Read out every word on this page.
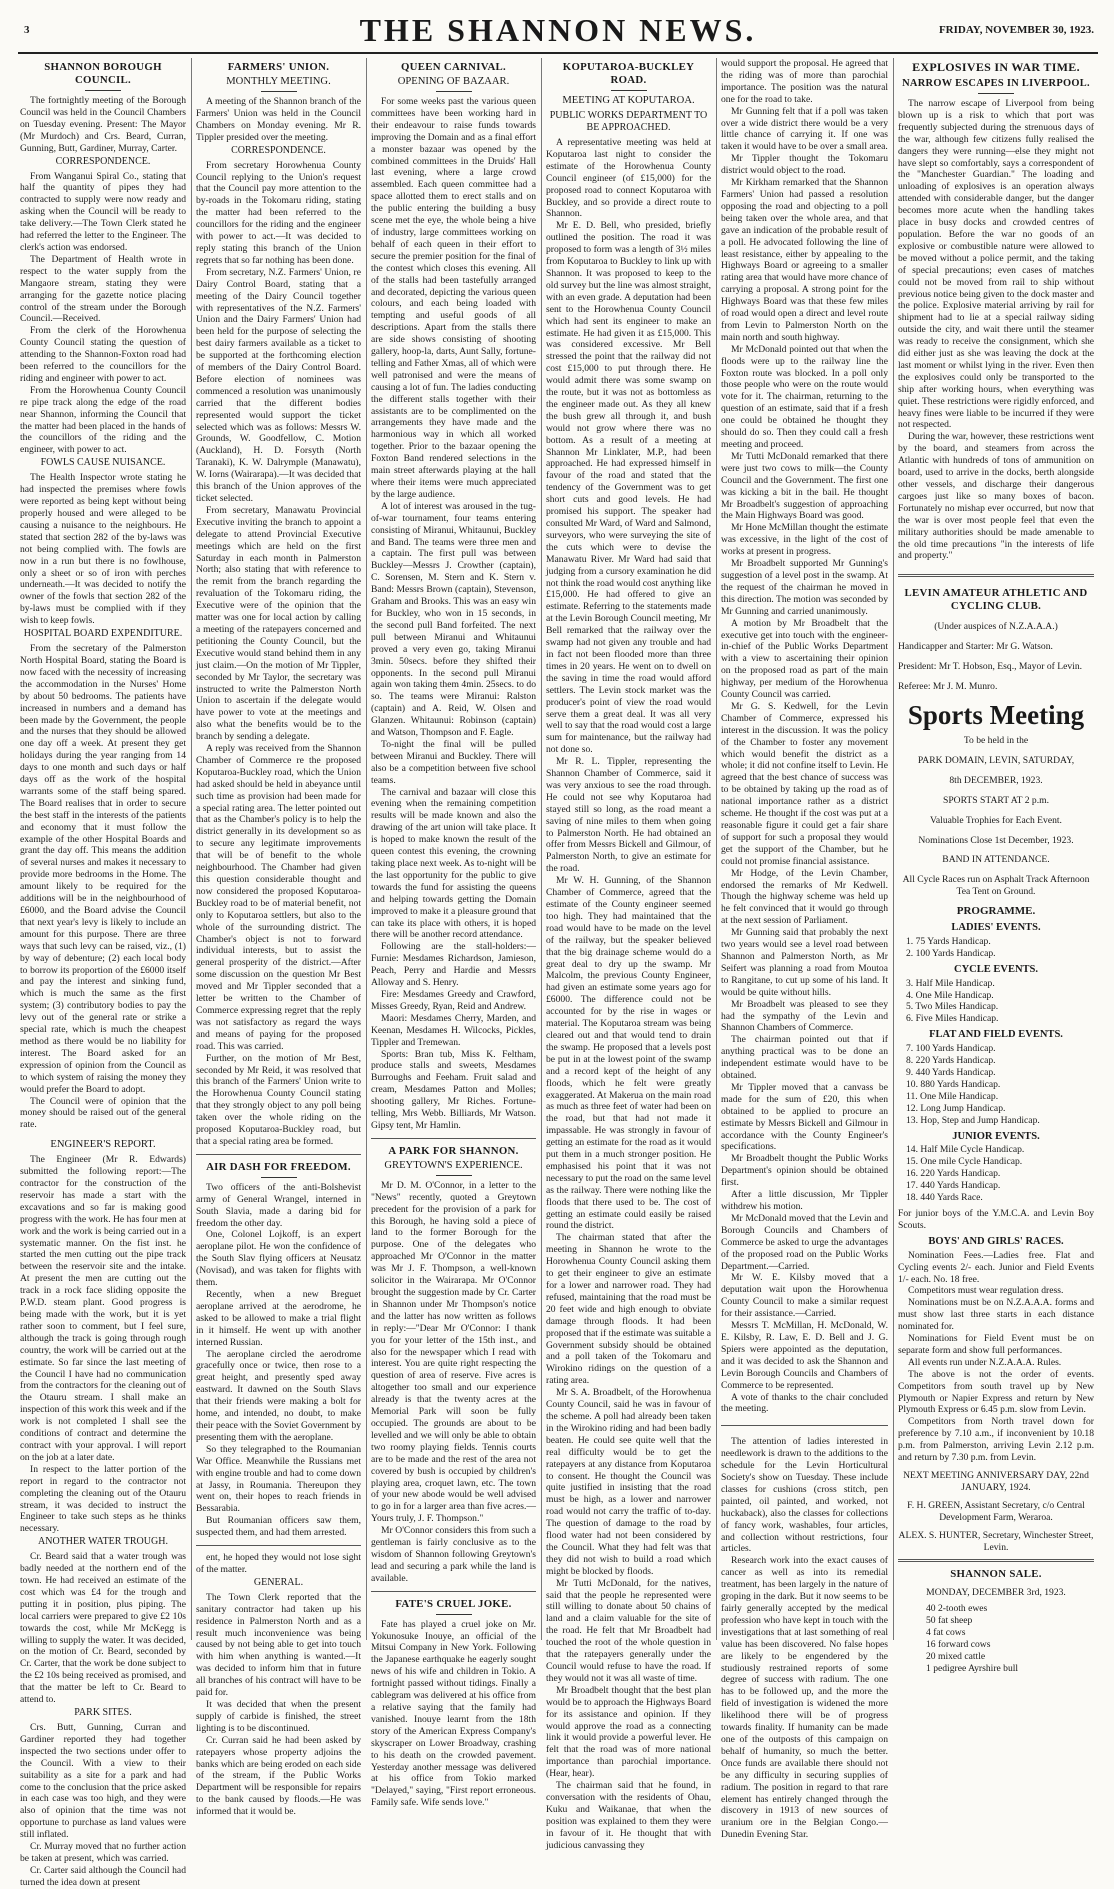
3	THE SHANNON NEWS.	FRIDAY, NOVEMBER 30, 1923.
SHANNON BOROUGH COUNCIL.

The fortnightly meeting of the Borough Council was held in the Council Chambers on Tuesday evening. Present: The Mayor (Mr Murdoch) and Crs. Beard, Curran, Gunning, Butt, Gardiner, Murray, Carter.

CORRESPONDENCE.

From Wanganui Spiral Co., stating that half the quantity of pipes they had contracted to supply were now ready and asking when the Council will be ready to take delivery.—The Town Clerk stated he had referred the letter to the Engineer. The clerk's action was endorsed.

The Department of Health wrote in respect to the water supply from the Mangaore stream, stating they were arranging for the gazette notice placing control of the stream under the Borough Council.—Received.

From the clerk of the Horowhenua County Council stating the question of attending to the Shannon-Foxton road had been referred to the councillors for the riding and engineer with power to act.

From the Horowhenua County Council re pipe track along the edge of the road near Shannon, informing the Council that the matter had been placed in the hands of the councillors of the riding and the engineer, with power to act.

FOWLS CAUSE NUISANCE.

The Health Inspector wrote stating he had inspected the premises where fowls were reported as being kept without being properly housed and were alleged to be causing a nuisance to the neighbours. He stated that section 282 of the by-laws was not being complied with. The fowls are now in a run but there is no fowlhouse, only a sheet or so of iron with perches underneath.—It was decided to notify the owner of the fowls that section 282 of the by-laws must be complied with if they wish to keep fowls.

HOSPITAL BOARD EXPENDITURE.

From the secretary of the Palmerston North Hospital Board, stating the Board is now faced with the necessity of increasing the accommodation in the Nurses' Home by about 50 bedrooms. The patients have increased in numbers and a demand has been made by the Government, the people and the nurses that they should be allowed one day off a week. At present they get holidays during the year ranging from 14 days to one month and such days or half days off as the work of the hospital warrants some of the staff being spared. The Board realises that in order to secure the best staff in the interests of the patients and economy that it must follow the example of the other Hospital Boards and grant the day off. This means the addition of several nurses and makes it necessary to provide more bedrooms in the Home. The amount likely to be required for the additions will be in the neighbourhood of £6000, and the Board advise the Council that next year's levy is likely to include an amount for this purpose. There are three ways that such levy can be raised, viz., (1) by way of debenture; (2) each local body to borrow its proportion of the £6000 itself and pay the interest and sinking fund, which is much the same as the first system; (3) contributory bodies to pay the levy out of the general rate or strike a special rate, which is much the cheapest method as there would be no liability for interest. The Board asked for an expression of opinion from the Council as to which system of raising the money they would prefer the Board to adopt.

The Council were of opinion that the money should be raised out of the general rate.

ENGINEER'S REPORT.

The Engineer (Mr R. Edwards) submitted the following report:—The contractor for the construction of the reservoir has made a start with the excavations and so far is making good progress with the work. He has four men at work and the work is being carried out in a systematic manner. On the fist inst. he started the men cutting out the pipe track between the reservoir site and the intake. At present the men are cutting out the track in a rock face sliding opposite the P.W.D. steam plant. Good progress is being made with the work, but it is yet rather soon to comment, but I feel sure, although the track is going through rough country, the work will be carried out at the estimate. So far since the last meeting of the Council I have had no communication from the contractors for the cleaning out of the Otauru stream. I shall make an inspection of this work this week and if the work is not completed I shall see the conditions of contract and determine the contract with your approval. I will report on the job at a later date.

In respect to the latter portion of the report in regard to the contractor not completing the cleaning out of the Otauru stream, it was decided to instruct the Engineer to take such steps as he thinks necessary.

ANOTHER WATER TROUGH.

Cr. Beard said that a water trough was badly needed at the northern end of the town. He had received an estimate of the cost which was £4 for the trough and putting it in position, plus piping. The local carriers were prepared to give £2 10s towards the cost, while Mr McKegg is willing to supply the water. It was decided, on the motion of Cr. Beard, seconded by Cr. Carter, that the work be done subject to the £2 10s being received as promised, and that the matter be left to Cr. Beard to attend to.

PARK SITES.

Crs. Butt, Gunning, Curran and Gardiner reported they had together inspected the two sections under offer to the Council. With a view to their suitability as a site for a park and had come to the conclusion that the price asked in each case was too high, and they were also of opinion that the time was not opportune to purchase as land values were still inflated.

Cr. Murray moved that no further action be taken at present, which was carried.

Cr. Carter said although the Council had turned the idea down at present

FARMERS' UNION.
MONTHLY MEETING.

A meeting of the Shannon branch of the Farmers' Union was held in the Council Chambers on Monday evening. Mr R. Tippler presided over the meeting.

CORRESPONDENCE.

From secretary Horowhenua County Council replying to the Union's request that the Council pay more attention to the by-roads in the Tokomaru riding, stating the matter had been referred to the councillors for the riding and the engineer with power to act.—It was decided to reply stating this branch of the Union regrets that so far nothing has been done.

From secretary, N.Z. Farmers' Union, re Dairy Control Board, stating that a meeting of the Dairy Council together with representatives of the N.Z. Farmers' Union and the Dairy Farmers' Union had been held for the purpose of selecting the best dairy farmers available as a ticket to be supported at the forthcoming election of members of the Dairy Control Board. Before election of nominees was commenced a resolution was unanimously carried that the different bodies represented would support the ticket selected which was as follows: Messrs W. Grounds, W. Goodfellow, C. Motion (Auckland), H. D. Forsyth (North Taranaki), K. W. Dalrymple (Manawatu), W. Iorns (Wairarapa).—It was decided that this branch of the Union approves of the ticket selected.

From secretary, Manawatu Provincial Executive inviting the branch to appoint a delegate to attend Provincial Executive meetings which are held on the first Saturday in each month in Palmerston North; also stating that with reference to the remit from the branch regarding the revaluation of the Tokomaru riding, the Executive were of the opinion that the matter was one for local action by calling a meeting of the ratepayers concerned and petitioning the County Council, but the Executive would stand behind them in any just claim.—On the motion of Mr Tippler, seconded by Mr Taylor, the secretary was instructed to write the Palmerston North Union to ascertain if the delegate would have power to vote at the meetings and also what the benefits would be to the branch by sending a delegate.

A reply was received from the Shannon Chamber of Commerce re the proposed Koputaroa-Buckley road, which the Union had asked should be held in abeyance until such time as provision had been made for a special rating area. The letter pointed out that as the Chamber's policy is to help the district generally in its development so as to secure any legitimate improvements that will be of benefit to the whole neighbourhood. The Chamber had given this question considerable thought and now considered the proposed Koputaroa-Buckley road to be of material benefit, not only to Koputaroa settlers, but also to the whole of the surrounding district. The Chamber's object is not to forward individual interests, but to assist the general prosperity of the district.—After some discussion on the question Mr Best moved and Mr Tippler seconded that a letter be written to the Chamber of Commerce expressing regret that the reply was not satisfactory as regard the ways and means of paying for the proposed road. This was carried.

Further, on the motion of Mr Best, seconded by Mr Reid, it was resolved that this branch of the Farmers' Union write to the Horowhenua County Council stating that they strongly object to any poll being taken over the whole riding on the proposed Koputaroa-Buckley road, but that a special rating area be formed.

AIR DASH FOR FREEDOM.

Two officers of the anti-Bolshevist army of General Wrangel, interned in South Slavia, made a daring bid for freedom the other day.

One, Colonel Lojkoff, is an expert aeroplane pilot. He won the confidence of the South Slav flying officers at Neusatz (Novisad), and was taken for flights with them.

Recently, when a new Breguet aeroplane arrived at the aerodrome, he asked to be allowed to make a trial flight in it himself. He went up with another interned Russian.

The aeroplane circled the aerodrome gracefully once or twice, then rose to a great height, and presently sped away eastward. It dawned on the South Slavs that their friends were making a bolt for home, and intended, no doubt, to make their peace with the Soviet Government by presenting them with the aeroplane.

So they telegraphed to the Roumanian War Office. Meanwhile the Russians met with engine trouble and had to come down at Jassy, in Roumania. Thereupon they went on, their hopes to reach friends in Bessarabia.

But Roumanian officers saw them, suspected them, and had them arrested.

ent, he hoped they would not lose sight of the matter.

GENERAL.

The Town Clerk reported that the sanitary contractor had taken up his residence in Palmerston North and as a result much inconvenience was being caused by not being able to get into touch with him when anything is wanted.—It was decided to inform him that in future all branches of his contract will have to be paid for.

It was decided that when the present supply of carbide is finished, the street lighting is to be discontinued.

Cr. Curran said he had been asked by ratepayers whose property adjoins the banks which are being eroded on each side of the stream, if the Public Works Department will be responsible for repairs to the bank caused by floods.—He was informed that it would be.

QUEEN CARNIVAL.
OPENING OF BAZAAR.

For some weeks past the various queen committees have been working hard in their endeavour to raise funds towards improving the Domain and as a final effort a monster bazaar was opened by the combined committees in the Druids' Hall last evening, where a large crowd assembled. Each queen committee had a space allotted them to erect stalls and on the public entering the building a busy scene met the eye, the whole being a hive of industry, large committees working on behalf of each queen in their effort to secure the premier position for the final of the contest which closes this evening. All of the stalls had been tastefully arranged and decorated, depicting the various queen colours, and each being loaded with tempting and useful goods of all descriptions. Apart from the stalls there are side shows consisting of shooting gallery, hoop-la, darts, Aunt Sally, fortune-telling and Father Xmas, all of which were well patronised and were the means of causing a lot of fun. The ladies conducting the different stalls together with their assistants are to be complimented on the arrangements they have made and the harmonious way in which all worked together. Prior to the bazaar opening the Foxton Band rendered selections in the main street afterwards playing at the hall where their items were much appreciated by the large audience.

A lot of interest was aroused in the tug-of-war tournament, four teams entering consisting of Miranui, Whitaunui, Buckley and Band. The teams were three men and a captain. The first pull was between Buckley—Messrs J. Crowther (captain), C. Sorensen, M. Stern and K. Stern v. Band: Messrs Brown (captain), Stevenson, Graham and Brooks. This was an easy win for Buckley, who won in 15 seconds, in the second pull Band forfeited. The next pull between Miranui and Whitaunui proved a very even go, taking Miranui 3min. 50secs. before they shifted their opponents. In the second pull Miranui again won taking them 4min. 25secs. to do so. The teams were Miranui: Ralston (captain) and A. Reid, W. Olsen and Glanzen. Whitaunui: Robinson (captain) and Watson, Thompson and F. Eagle.

To-night the final will be pulled between Miranui and Buckley. There will also be a competition between five school teams.

The carnival and bazaar will close this evening when the remaining competition results will be made known and also the drawing of the art union will take place. It is hoped to make known the result of the queen contest this evening, the crowning taking place next week. As to-night will be the last opportunity for the public to give towards the fund for assisting the queens and helping towards getting the Domain improved to make it a pleasure ground that can take its place with others, it is hoped there will be another record attendance.

Following are the stall-holders:—Furnie: Mesdames Richardson, Jamieson, Peach, Perry and Hardie and Messrs Alloway and S. Henry.

Fire: Mesdames Greedy and Crawford, Misses Greedy, Ryan, Reid and Andrew.

Maori: Mesdames Cherry, Marden, and Keenan, Mesdames H. Wilcocks, Pickles, Tippler and Tremewan.

Sports: Bran tub, Miss K. Feltham, produce stalls and sweets, Mesdames Burroughs and Feeham. Fruit salad and cream, Mesdames Patton and Molles; shooting gallery, Mr Riches. Fortune-telling, Mrs Webb. Billiards, Mr Watson. Gipsy tent, Mr Hamlin.

A PARK FOR SHANNON.
GREYTOWN'S EXPERIENCE.

Mr D. M. O'Connor, in a letter to the "News" recently, quoted a Greytown precedent for the provision of a park for this Borough, he having sold a piece of land to the former Borough for the purpose. One of the delegates who approached Mr O'Connor in the matter was Mr J. F. Thompson, a well-known solicitor in the Wairarapa. Mr O'Connor brought the suggestion made by Cr. Carter in Shannon under Mr Thompson's notice and the latter has now written as follows in reply:—"Dear Mr O'Connor: I thank you for your letter of the 15th inst., and also for the newspaper which I read with interest. You are quite right respecting the question of area of reserve. Five acres is altogether too small and our experience already is that the twenty acres at the Memorial Park will soon be fully occupied. The grounds are about to be levelled and we will only be able to obtain two roomy playing fields. Tennis courts are to be made and the rest of the area not covered by bush is occupied by children's playing area, croquet lawn, etc. The town of your new abode would be well advised to go in for a larger area than five acres.—Yours truly, J. F. Thompson."

Mr O'Connor considers this from such a gentleman is fairly conclusive as to the wisdom of Shannon following Greytown's lead and securing a park while the land is available.

FATE'S CRUEL JOKE.

Fate has played a cruel joke on Mr. Yokunosuke Inouye, an official of the Mitsui Company in New York. Following the Japanese earthquake he eagerly sought news of his wife and children in Tokio. A fortnight passed without tidings. Finally a cablegram was delivered at his office from a relative saying that the family had vanished. Inouye learnt from the 18th story of the American Express Company's skyscraper on Lower Broadway, crashing to his death on the crowded pavement. Yesterday another message was delivered at his office from Tokio marked "Delayed," saying, "First report erroneous. Family safe. Wife sends love."

KOPUTAROA-BUCKLEY ROAD.
MEETING AT KOPUTAROA.
PUBLIC WORKS DEPARTMENT TO BE APPROACHED.

A representative meeting was held at Koputaroa last night to consider the estimate of the Horowhenua County Council engineer (of £15,000) for the proposed road to connect Koputaroa with Buckley, and so provide a direct route to Shannon.

Mr E. D. Bell, who presided, briefly outlined the position. The road it was proposed to form was a length of 3½ miles from Koputaroa to Buckley to link up with Shannon. It was proposed to keep to the old survey but the line was almost straight, with an even grade. A deputation had been sent to the Horowhenua County Council which had sent its engineer to make an estimate. He had given it as £15,000. This was considered excessive. Mr Bell stressed the point that the railway did not cost £15,000 to put through there. He would admit there was some swamp on the route, but it was not as bottomless as the engineer made out. As they all knew the bush grew all through it, and bush would not grow where there was no bottom. As a result of a meeting at Shannon Mr Linklater, M.P., had been approached. He had expressed himself in favour of the road and stated that the tendency of the Government was to get short cuts and good levels. He had promised his support. The speaker had consulted Mr Ward, of Ward and Salmond, surveyors, who were surveying the site of the cuts which were to devise the Manawatu River. Mr Ward had said that judging from a cursory examination he did not think the road would cost anything like £15,000. He had offered to give an estimate. Referring to the statements made at the Levin Borough Council meeting, Mr Bell remarked that the railway over the swamp had not given any trouble and had in fact not been flooded more than three times in 20 years. He went on to dwell on the saving in time the road would afford settlers. The Levin stock market was the producer's point of view the road would serve them a great deal. It was all very well to say that the road would cost a large sum for maintenance, but the railway had not done so.

Mr R. L. Tippler, representing the Shannon Chamber of Commerce, said it was very anxious to see the road through. He could not see why Koputaroa had stayed still so long, as the road meant a saving of nine miles to them when going to Palmerston North. He had obtained an offer from Messrs Bickell and Gilmour, of Palmerston North, to give an estimate for the road.

Mr W. H. Gunning, of the Shannon Chamber of Commerce, agreed that the estimate of the County engineer seemed too high. They had maintained that the road would have to be made on the level of the railway, but the speaker believed that the big drainage scheme would do a great deal to dry up the swamp. Mr Malcolm, the previous County Engineer, had given an estimate some years ago for £6000. The difference could not be accounted for by the rise in wages or material. The Koputaroa stream was being cleared out and that would tend to drain the swamp. He proposed that a levels post be put in at the lowest point of the swamp and a record kept of the height of any floods, which he felt were greatly exaggerated. At Makerua on the main road as much as three feet of water had been on the road, but that had not made it impassable. He was strongly in favour of getting an estimate for the road as it would put them in a much stronger position. He emphasised his point that it was not necessary to put the road on the same level as the railway. There were nothing like the floods that there used to be. The cost of getting an estimate could easily be raised round the district.

The chairman stated that after the meeting in Shannon he wrote to the Horowhenua County Council asking them to get their engineer to give an estimate for a lower and narrower road. They had refused, maintaining that the road must be 20 feet wide and high enough to obviate damage through floods. It had been proposed that if the estimate was suitable a Government subsidy should be obtained and a poll taken of the Tokomaru and Wirokino ridings on the question of a rating area.

Mr S. A. Broadbelt, of the Horowhenua County Council, said he was in favour of the scheme. A poll had already been taken in the Wirokino riding and had been badly beaten. He could see quite well that the real difficulty would be to get the ratepayers at any distance from Koputaroa to consent. He thought the Council was quite justified in insisting that the road must be high, as a lower and narrower road would not carry the traffic of to-day. The question of damage to the road by flood water had not been considered by the Council. What they had felt was that they did not wish to build a road which might be blocked by floods.

Mr Tutti McDonald, for the natives, said that the people he represented were still willing to donate about 50 chains of land and a claim valuable for the site of the road. He felt that Mr Broadbelt had touched the root of the whole question in that the ratepayers generally under the Council would refuse to have the road. If they would not it was all waste of time.

Mr Broadbelt thought that the best plan would be to approach the Highways Board for its assistance and opinion. If they would approve the road as a connecting link it would provide a powerful lever. He felt that the road was of more national importance than parochial importance. (Hear, hear).

The chairman said that he found, in conversation with the residents of Ohau, Kuku and Waikanae, that when the position was explained to them they were in favour of it. He thought that with judicious canvassing they

would support the proposal. He agreed that the riding was of more than parochial importance. The position was the natural one for the road to take.

Mr Gunning felt that if a poll was taken over a wide district there would be a very little chance of carrying it. If one was taken it would have to be over a small area.

Mr Tippler thought the Tokomaru district would object to the road.

Mr Kirkham remarked that the Shannon Farmers' Union had passed a resolution opposing the road and objecting to a poll being taken over the whole area, and that gave an indication of the probable result of a poll. He advocated following the line of least resistance, either by appealing to the Highways Board or agreeing to a smaller rating area that would have more chance of carrying a proposal. A strong point for the Highways Board was that these few miles of road would open a direct and level route from Levin to Palmerston North on the main north and south highway.

Mr McDonald pointed out that when the floods were up to the railway line the Foxton route was blocked. In a poll only those people who were on the route would vote for it. The chairman, returning to the question of an estimate, said that if a fresh one could be obtained he thought they should do so. Then they could call a fresh meeting and proceed.

Mr Tutti McDonald remarked that there were just two cows to milk—the County Council and the Government. The first one was kicking a bit in the bail. He thought Mr Broadbelt's suggestion of approaching the Main Highways Board was good.

Mr Hone McMillan thought the estimate was excessive, in the light of the cost of works at present in progress.

Mr Broadbelt supported Mr Gunning's suggestion of a level post in the swamp. At the request of the chairman he moved in this direction. The motion was seconded by Mr Gunning and carried unanimously.

A motion by Mr Broadbelt that the executive get into touch with the engineer-in-chief of the Public Works Department with a view to ascertaining their opinion on the proposed road as part of the main highway, per medium of the Horowhenua County Council was carried.

Mr G. S. Kedwell, for the Levin Chamber of Commerce, expressed his interest in the discussion. It was the policy of the Chamber to foster any movement which would benefit the district as a whole; it did not confine itself to Levin. He agreed that the best chance of success was to be obtained by taking up the road as of national importance rather as a district scheme. He thought if the cost was put at a reasonable figure it could get a fair share of support for such a proposal they would get the support of the Chamber, but he could not promise financial assistance.

Mr Hodge, of the Levin Chamber, endorsed the remarks of Mr Kedwell. Though the highway scheme was held up he felt convinced that it would go through at the next session of Parliament.

Mr Gunning said that probably the next two years would see a level road between Shannon and Palmerston North, as Mr Seifert was planning a road from Moutoa to Rangitane, to cut up some of his land. It would be quite without hills.

Mr Broadbelt was pleased to see they had the sympathy of the Levin and Shannon Chambers of Commerce.

The chairman pointed out that if anything practical was to be done an independent estimate would have to be obtained.

Mr Tippler moved that a canvass be made for the sum of £20, this when obtained to be applied to procure an estimate by Messrs Bickell and Gilmour in accordance with the County Engineer's specifications.

Mr Broadbelt thought the Public Works Department's opinion should be obtained first.

After a little discussion, Mr Tippler withdrew his motion.

Mr McDonald moved that the Levin and Borough Councils and Chambers of Commerce be asked to urge the advantages of the proposed road on the Public Works Department.—Carried.

Mr W. E. Kilsby moved that a deputation wait upon the Horowhenua County Council to make a similar request for their assistance.—Carried.

Messrs T. McMillan, H. McDonald, W. E. Kilsby, R. Law, E. D. Bell and J. G. Spiers were appointed as the deputation, and it was decided to ask the Shannon and Levin Borough Councils and Chambers of Commerce to be represented.

A vote of thanks to the chair concluded the meeting.

The attention of ladies interested in needlework is drawn to the additions to the schedule for the Levin Horticultural Society's show on Tuesday. These include classes for cushions (cross stitch, pen painted, oil painted, and worked, not huckaback), also the classes for collections of fancy work, washables, four articles, and collection without restrictions, four articles.

Research work into the exact causes of cancer as well as into its remedial treatment, has been largely in the nature of groping in the dark. But it now seems to be fairly generally accepted by the medical profession who have kept in touch with the investigations that at last something of real value has been discovered. No false hopes are likely to be engendered by the studiously restrained reports of some degree of success with radium. The one has to be followed up, and the more the field of investigation is widened the more likelihood there will be of progress towards finality. If humanity can be made one of the outposts of this campaign on behalf of humanity, so much the better. Once funds are available there should not be any difficulty in securing supplies of radium. The position in regard to that rare element has entirely changed through the discovery in 1913 of new sources of uranium ore in the Belgian Congo.—Dunedin Evening Star.

EXPLOSIVES IN WAR TIME.
NARROW ESCAPES IN LIVERPOOL.

The narrow escape of Liverpool from being blown up is a risk to which that port was frequently subjected during the strenuous days of the war, although few citizens fully realised the dangers they were running—else they might not have slept so comfortably, says a correspondent of the "Manchester Guardian." The loading and unloading of explosives is an operation always attended with considerable danger, but the danger becomes more acute when the handling takes place in busy docks and crowded centres of population. Before the war no goods of an explosive or combustible nature were allowed to be moved without a police permit, and the taking of special precautions; even cases of matches could not be moved from rail to ship without previous notice being given to the dock master and the police. Explosive material arriving by rail for shipment had to lie at a special railway siding outside the city, and wait there until the steamer was ready to receive the consignment, which she did either just as she was leaving the dock at the last moment or whilst lying in the river. Even then the explosives could only be transported to the ship after working hours, when everything was quiet. These restrictions were rigidly enforced, and heavy fines were liable to be incurred if they were not respected.

During the war, however, these restrictions went by the board, and steamers from across the Atlantic with hundreds of tons of ammunition on board, used to arrive in the docks, berth alongside other vessels, and discharge their dangerous cargoes just like so many boxes of bacon. Fortunately no mishap ever occurred, but now that the war is over most people feel that even the military authorities should be made amenable to the old time precautions "in the interests of life and property."

LEVIN AMATEUR ATHLETIC AND CYCLING CLUB.

(Under auspices of N.Z.A.A.A.)

Handicapper and Starter: Mr G. Watson.

President: Mr T. Hobson, Esq., Mayor of Levin.

Referee: Mr J. M. Munro.

Sports Meeting

To be held in the

PARK DOMAIN, LEVIN, SATURDAY,

8th DECEMBER, 1923.

SPORTS START AT 2 p.m.

Valuable Trophies for Each Event.

Nominations Close 1st December, 1923.

BAND IN ATTENDANCE.

All Cycle Races run on Asphalt Track Afternoon Tea Tent on Ground.

PROGRAMME.
LADIES' EVENTS.
1. 75 Yards Handicap.
2. 100 Yards Handicap.
CYCLE EVENTS.
3. Half Mile Handicap.
4. One Mile Handicap.
5. Two Miles Handicap.
6. Five Miles Handicap.
FLAT AND FIELD EVENTS.
7. 100 Yards Handicap.
8. 220 Yards Handicap.
9. 440 Yards Handicap.
10. 880 Yards Handicap.
11. One Mile Handicap.
12. Long Jump Handicap.
13. Hop, Step and Jump Handicap.
JUNIOR EVENTS.
14. Half Mile Cycle Handicap.
15. One mile Cycle Handicap.
16. 220 Yards Handicap.
17. 440 Yards Handicap.
18. 440 Yards Race.

For junior boys of the Y.M.C.A. and Levin Boy Scouts.

BOYS' AND GIRLS' RACES.

Nomination Fees.—Ladies free. Flat and Cycling events 2/- each. Junior and Field Events 1/- each. No. 18 free.

Competitors must wear regulation dress.

Nominations must be on N.Z.A.A.A. forms and must show last three starts in each distance nominated for.

Nominations for Field Event must be on separate form and show full performances.

All events run under N.Z.A.A.A. Rules.

The above is not the order of events. Competitors from south travel up by New Plymouth or Napier Express and return by New Plymouth Express or 6.45 p.m. slow from Levin.

Competitors from North travel down for preference by 7.10 a.m., if inconvenient by 10.18 p.m. from Palmerston, arriving Levin 2.12 p.m. and return by 7.30 p.m. from Levin.

NEXT MEETING ANNIVERSARY DAY, 22nd JANUARY, 1924.

F. H. GREEN, Assistant Secretary, c/o Central Development Farm, Weraroa.

ALEX. S. HUNTER, Secretary, Winchester Street, Levin.

SHANNON SALE.

MONDAY, DECEMBER 3rd, 1923.

40 2-tooth ewes
50 fat sheep
4 fat cows
16 forward cows
20 mixed cattle
1 pedigree Ayrshire bull
